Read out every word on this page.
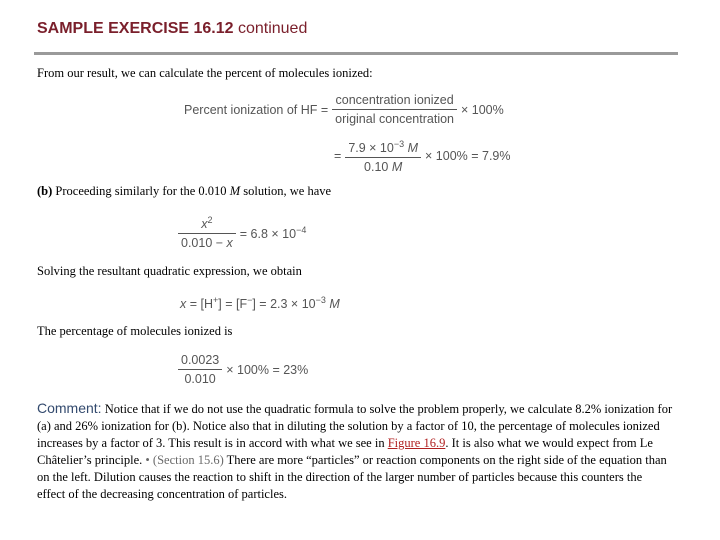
SAMPLE EXERCISE 16.12 continued
From our result, we can calculate the percent of molecules ionized:
Percent ionization of HF = $\frac{\text{concentration ionized}}{\text{original concentration}} \times 100\%$
= $\frac{7.9 \times 10^{-3} M}{0.10 M} \times 100\% = 7.9\%$
(b) Proceeding similarly for the 0.010 M solution, we have
$\frac{x^2}{0.010 - x} = 6.8 \times 10^{-4}$
Solving the resultant quadratic expression, we obtain
$x = [H^+] = [F^-] = 2.3 \times 10^{-3}$ M
The percentage of molecules ionized is
$\frac{0.0023}{0.010} \times 100\% = 23\%$
Comment: Notice that if we do not use the quadratic formula to solve the problem properly, we calculate 8.2% ionization for (a) and 26% ionization for (b). Notice also that in diluting the solution by a factor of 10, the percentage of molecules ionized increases by a factor of 3. This result is in accord with what we see in Figure 16.9. It is also what we would expect from Le Châtelier’s principle. • (Section 15.6) There are more “particles” or reaction components on the right side of the equation than on the left. Dilution causes the reaction to shift in the direction of the larger number of particles because this counters the effect of the decreasing concentration of particles.
